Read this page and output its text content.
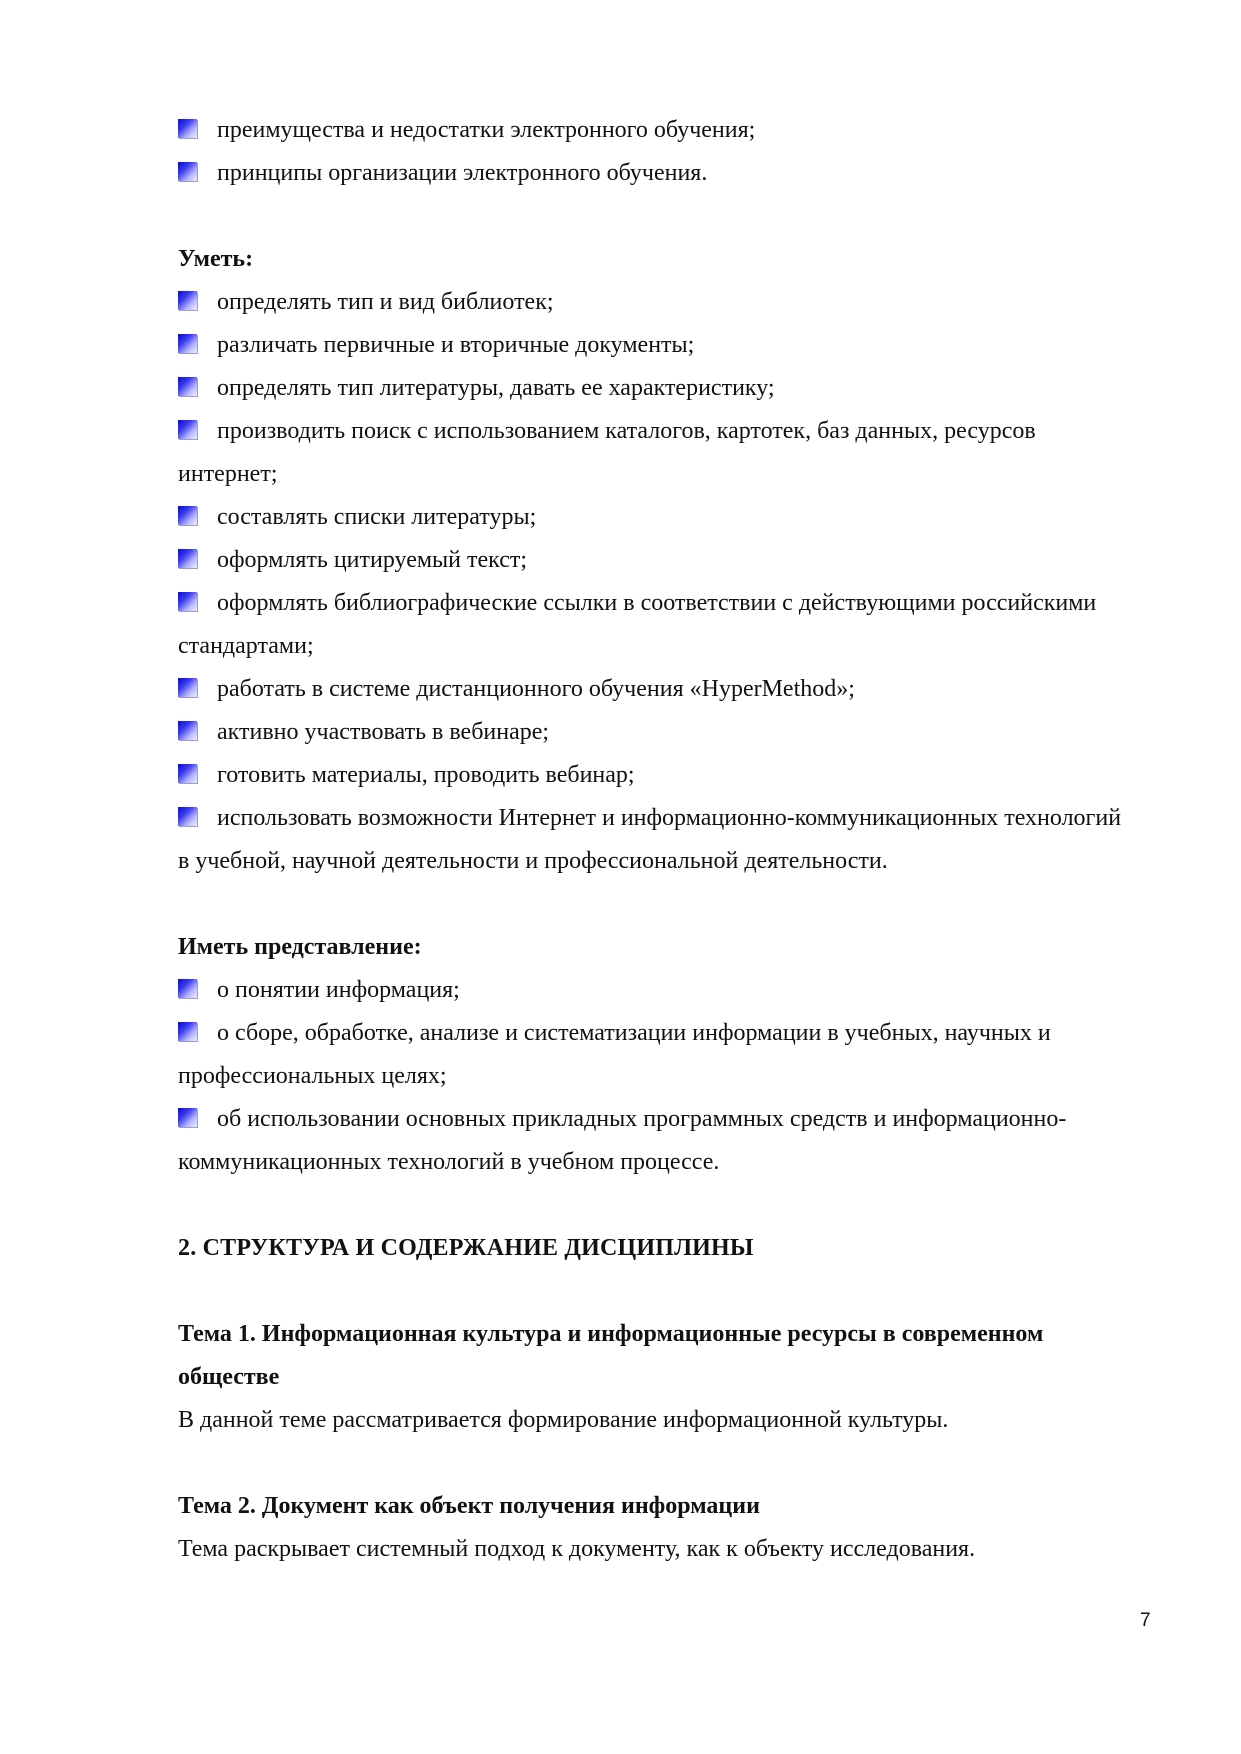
преимущества и недостатки электронного обучения;

принципы организации электронного обучения.

Уметь:

определять тип и вид библиотек;

различать первичные и вторичные документы;

определять тип литературы, давать ее характеристику;

производить поиск с использованием каталогов, картотек, баз данных, ресурсов интернет;

составлять списки литературы;

оформлять цитируемый текст;

оформлять библиографические ссылки в соответствии с действующими российскими стандартами;

работать в системе дистанционного обучения «HyperMethod»;

активно участвовать в вебинаре;

готовить материалы, проводить вебинар;

использовать возможности Интернет и информационно-коммуникационных технологий в учебной, научной деятельности и профессиональной деятельности.

Иметь представление:

о понятии информация;

о сборе, обработке, анализе и систематизации информации в учебных, научных и профессиональных целях;

об использовании основных прикладных программных средств и информационно-коммуникационных технологий в учебном процессе.

2. СТРУКТУРА И СОДЕРЖАНИЕ ДИСЦИПЛИНЫ

Тема 1. Информационная культура и информационные ресурсы в современном обществе

В данной теме рассматривается формирование информационной культуры.

Тема 2. Документ как объект получения информации

Тема раскрывает системный подход к документу, как к объекту исследования.

7
